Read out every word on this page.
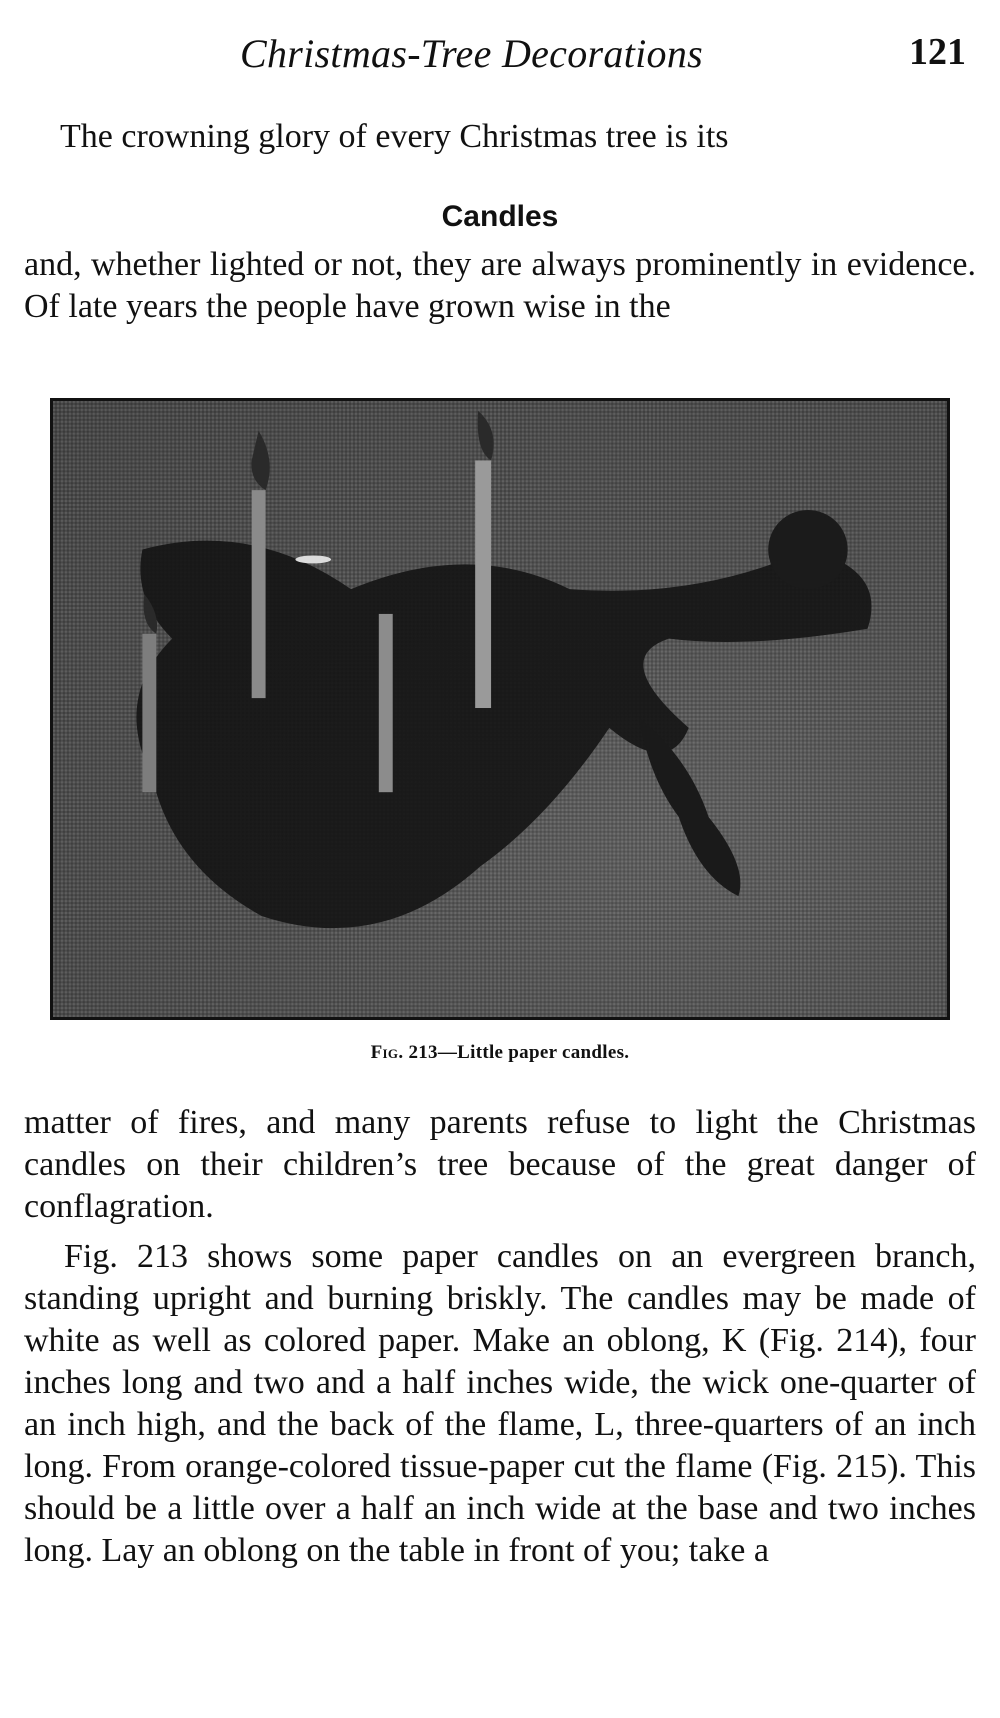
Christmas-Tree Decorations	121
The crowning glory of every Christmas tree is its
Candles
and, whether lighted or not, they are always prominently in evidence. Of late years the people have grown wise in the
Fig. 213—Little paper candles.
matter of fires, and many parents refuse to light the Christmas candles on their children’s tree because of the great danger of conflagration.
Fig. 213 shows some paper candles on an evergreen branch, standing upright and burning briskly. The candles may be made of white as well as colored paper. Make an oblong, K (Fig. 214), four inches long and two and a half inches wide, the wick one-quarter of an inch high, and the back of the flame, L, three-quarters of an inch long. From orange-colored tissue-paper cut the flame (Fig. 215). This should be a little over a half an inch wide at the base and two inches long. Lay an oblong on the table in front of you; take a
